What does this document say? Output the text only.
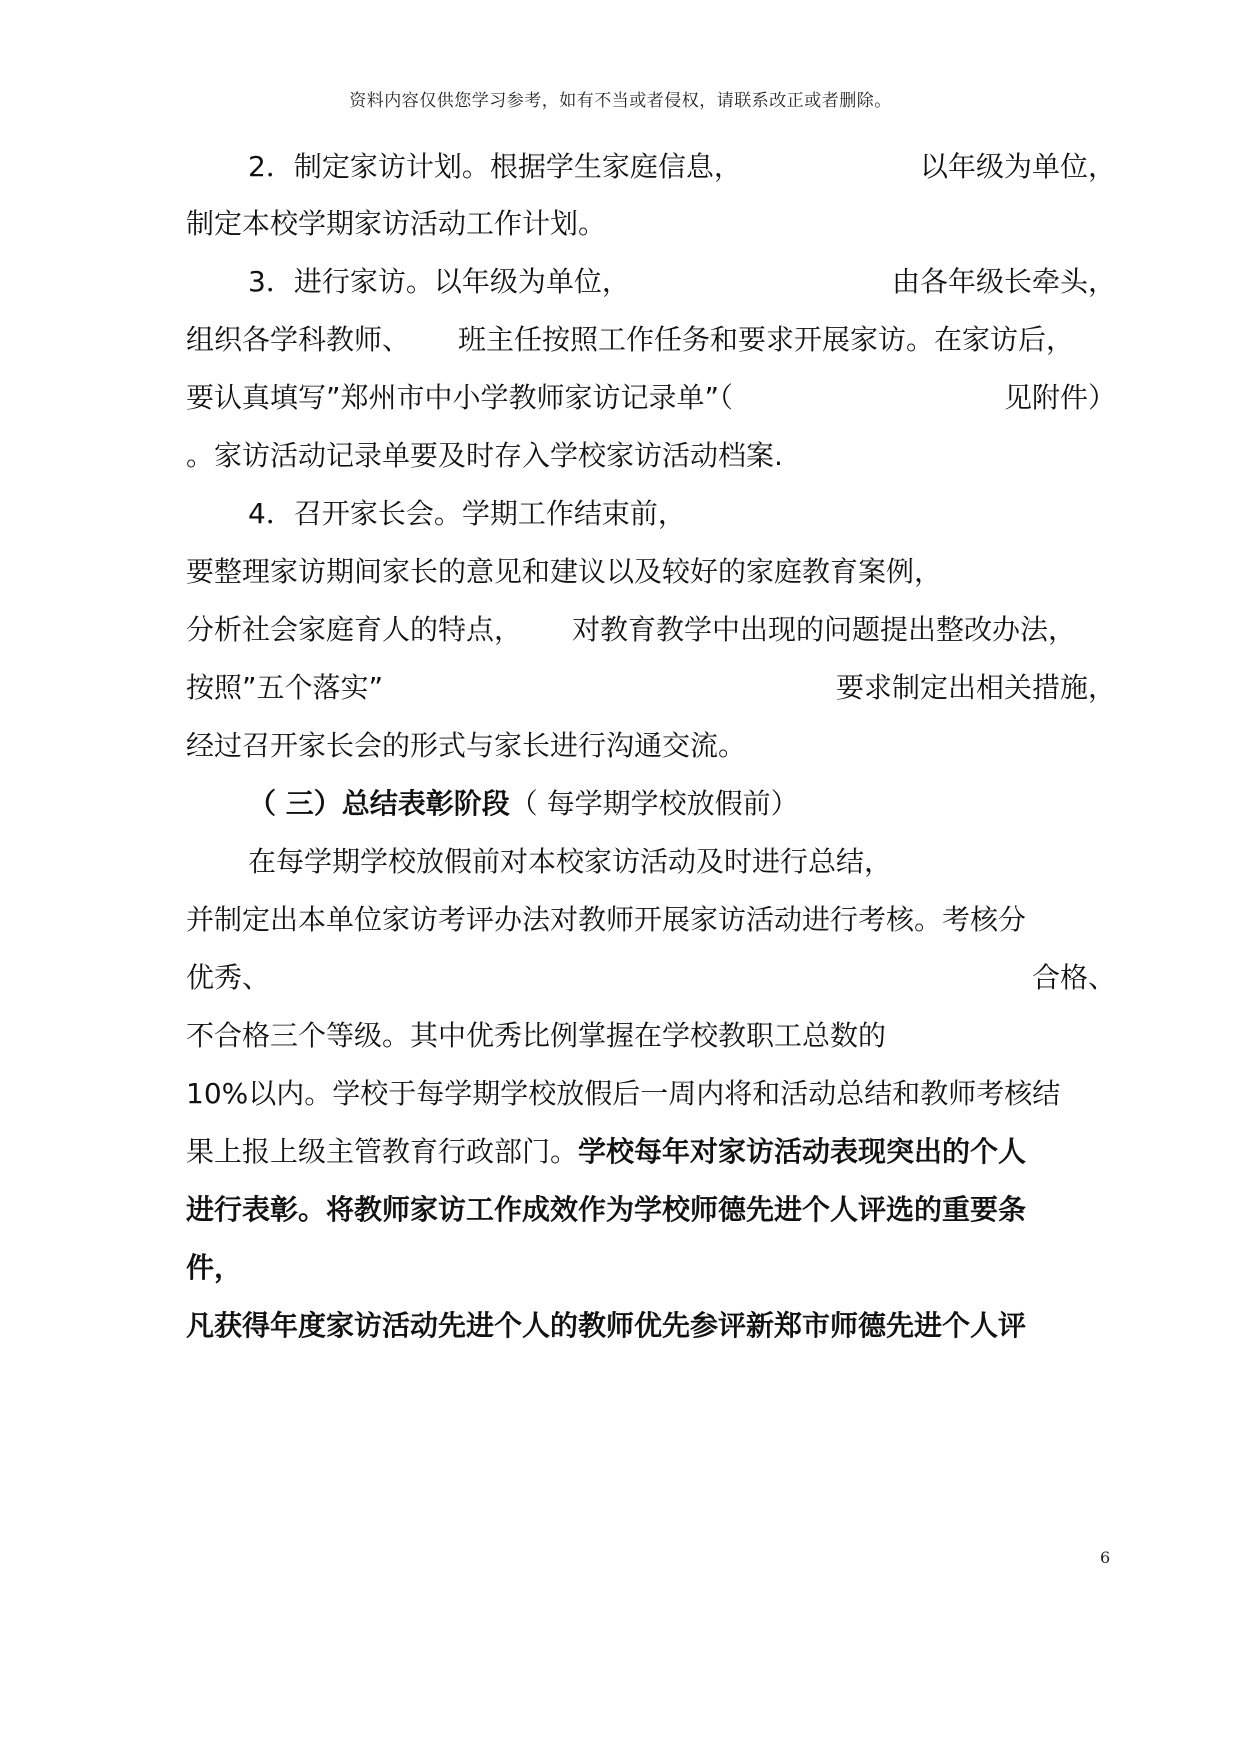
资料内容仅供您学习参考，如有不当或者侵权，请联系改正或者删除。
2．制定家访计划。根据学生家庭信息，	以年级为单位，
制定本校学期家访活动工作计划。
3．进行家访。以年级为单位，	由各年级长牵头，
组织各学科教师、 班主任按照工作任务和要求开展家访。在家访后，
要认真填写”郑州市中小学教师家访记录单”（	见附件）
。家访活动记录单要及时存入学校家访活动档案.
4．召开家长会。学期工作结束前，
要整理家访期间家长的意见和建议以及较好的家庭教育案例，
分析社会家庭育人的特点， 对教育教学中出现的问题提出整改办法，
按照”五个落实”	要求制定出相关措施，
经过召开家长会的形式与家长进行沟通交流。
（ 三）总结表彰阶段（ 每学期学校放假前）
在每学期学校放假前对本校家访活动及时进行总结，
并制定出本单位家访考评办法对教师开展家访活动进行考核。考核分
优秀、	合格、
不合格三个等级。其中优秀比例掌握在学校教职工总数的
10%以内。学校于每学期学校放假后一周内将和活动总结和教师考核结
果上报上级主管教育行政部门。学校每年对家访活动表现突出的个人
进行表彰。将教师家访工作成效作为学校师德先进个人评选的重要条
件，
凡获得年度家访活动先进个人的教师优先参评新郑市师德先进个人评
6
